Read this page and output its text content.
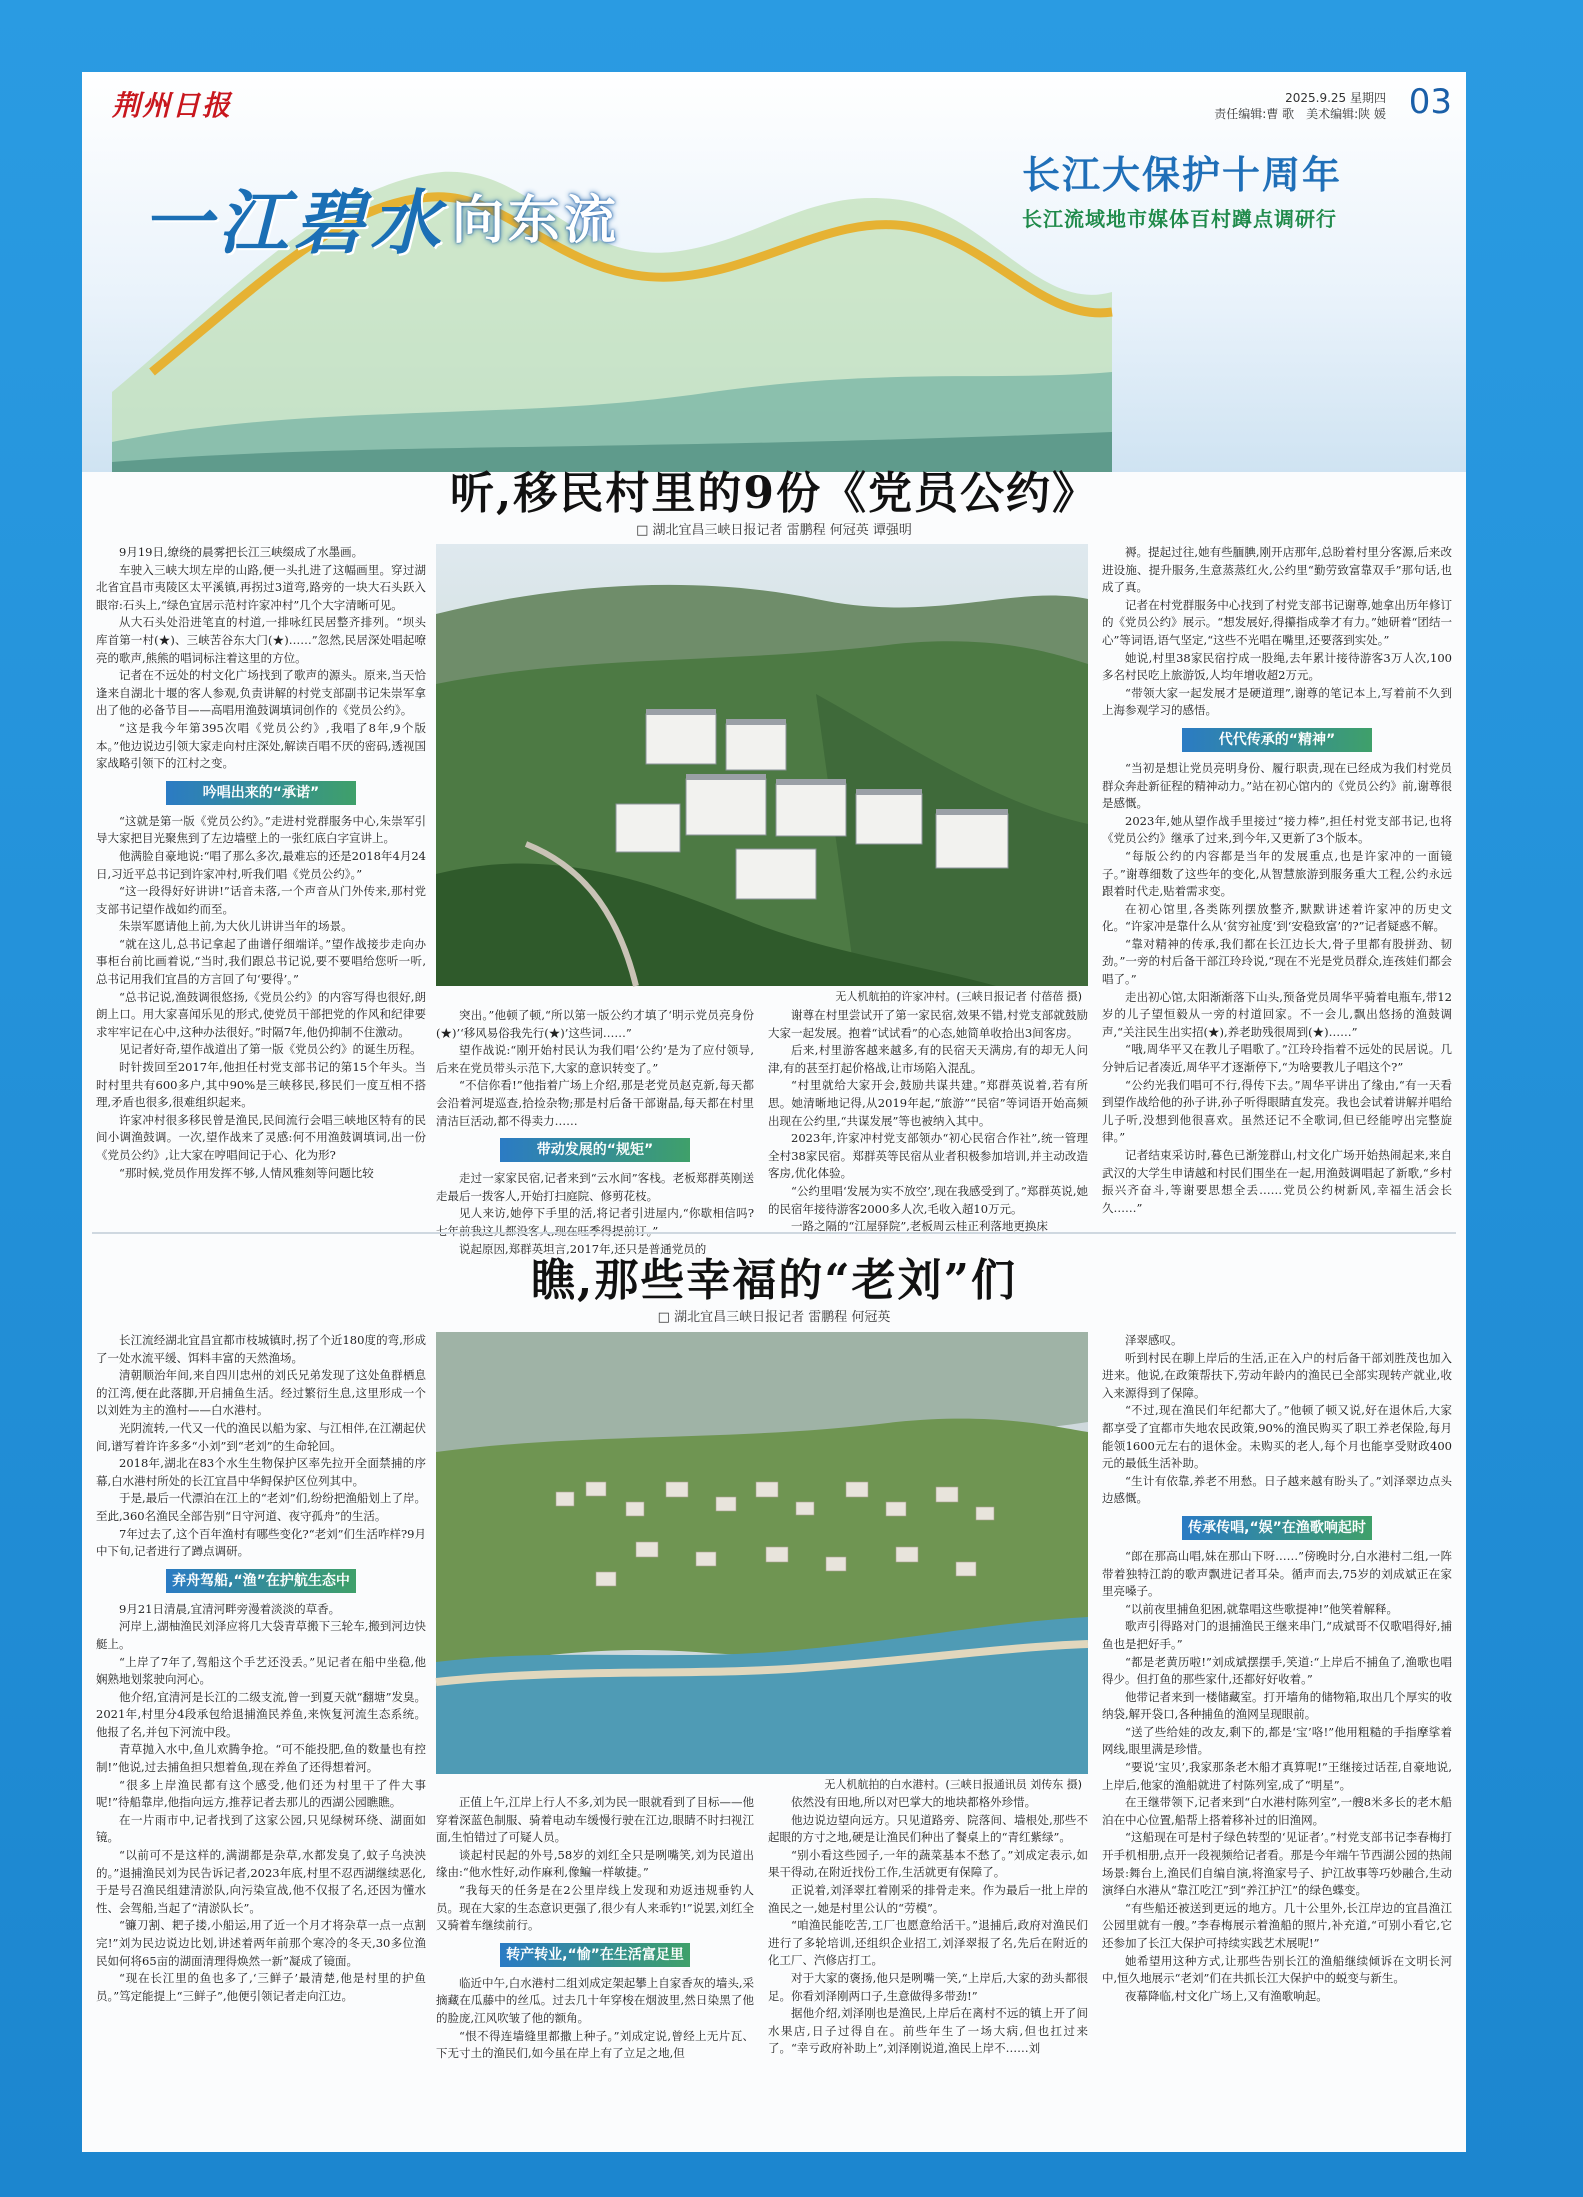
荆州日报	2025.9.25 星期四
责任编辑:曹 歌　美术编辑:陕 媛 03
一江碧水 向东流
长江大保护十周年
长江流域地市媒体百村蹲点调研行
听,移民村里的9份《党员公约》
□ 湖北宜昌三峡日报记者 雷鹏程 何冠英 谭强明

9月19日,缭绕的晨雾把长江三峡缀成了水墨画。

车驶入三峡大坝左岸的山路,便一头扎进了这幅画里。穿过湖北省宜昌市夷陵区太平溪镇,再拐过3道弯,路旁的一块大石头跃入眼帘:石头上,“绿色宜居示范村许家冲村”几个大字清晰可见。

从大石头处沿进笔直的村道,一排咏红民居整齐排列。“坝头库首第一村(★)、三峡苦谷东大门(★)……”忽然,民居深处唱起嘹亮的歌声,熊熊的唱词标注着这里的方位。

记者在不远处的村文化广场找到了歌声的源头。原来,当天恰逢来自湖北十堰的客人参观,负责讲解的村党支部副书记朱崇军拿出了他的必备节目——高唱用渔鼓调填词创作的《党员公约》。

“这是我今年第395次唱《党员公约》,我唱了8年,9个版本。”他边说边引领大家走向村庄深处,解读百唱不厌的密码,透视国家战略引领下的江村之变。

吟唱出来的“承诺”

“这就是第一版《党员公约》。”走进村党群服务中心,朱崇军引导大家把目光聚焦到了左边墙壁上的一张红底白字宣讲上。

他满脸自豪地说:“唱了那么多次,最难忘的还是2018年4月24日,习近平总书记到许家冲村,听我们唱《党员公约》。”

“这一段得好好讲讲!”话音未落,一个声音从门外传来,那村党支部书记望作战如约而至。

朱崇军愿请他上前,为大伙儿讲讲当年的场景。

“就在这儿,总书记拿起了曲谱仔细端详。”望作战接步走向办事柜台前比画着说,“当时,我们跟总书记说,要不要唱给您听一听,总书记用我们宜昌的方言回了句‘要得’。”

“总书记说,渔鼓调很悠扬,《党员公约》的内容写得也很好,朗朗上口。用大家喜闻乐见的形式,使党员干部把党的作风和纪律要求牢牢记在心中,这种办法很好。”时隔7年,他仍抑制不住激动。

见记者好奇,望作战道出了第一版《党员公约》的诞生历程。

时针拨回至2017年,他担任村党支部书记的第15个年头。当时村里共有600多户,其中90%是三峡移民,移民们一度互相不搭理,矛盾也很多,很难组织起来。

许家冲村很多移民曾是渔民,民间流行会唱三峡地区特有的民间小调渔鼓调。一次,望作战来了灵感:何不用渔鼓调填词,出一份《党员公约》,让大家在哼唱间记于心、化为形?

“那时候,党员作用发挥不够,人情风雅刻等问题比较

无人机航拍的许家冲村。(三峡日报记者 付蓓蓓 摄)

突出。”他顿了顿,“所以第一版公约才填了‘明示党员亮身份(★)’‘移风易俗我先行(★)’这些词……”

望作战说:“刚开始村民认为我们唱‘公约’是为了应付领导,后来在党员带头示范下,大家的意识转变了。”

“不信你看!”他指着广场上介绍,那是老党员赵克新,每天都会沿着河堤巡查,拾捡杂物;那是村后备干部谢晶,每天都在村里清洁巨活动,都不得卖力……

带动发展的“规矩”

走过一家家民宿,记者来到“云水间”客栈。老板郑群英刚送走最后一拨客人,开始打扫庭院、修剪花枝。

见人来访,她停下手里的活,将记者引进屋内,“你歇相信吗?七年前我这儿都没客人,现在旺季得提前订。”

说起原因,郑群英坦言,2017年,还只是普通党员的

谢尊在村里尝试开了第一家民宿,效果不错,村党支部就鼓励大家一起发展。抱着“试试看”的心态,她简单收拾出3间客房。

后来,村里游客越来越多,有的民宿天天满房,有的却无人问津,有的甚至打起价格战,让市场陷入混乱。

“村里就给大家开会,鼓励共谋共建。”郑群英说着,若有所思。她清晰地记得,从2019年起,“旅游”“民宿”等词语开始高频出现在公约里,“共谋发展”等也被纳入其中。

2023年,许家冲村党支部领办“初心民宿合作社”,统一管理全村38家民宿。郑群英等民宿从业者积极参加培训,并主动改造客房,优化体验。

“公约里唱‘发展为实不放空’,现在我感受到了。”郑群英说,她的民宿年接待游客2000多人次,毛收入超10万元。

一路之隔的“江屋驿院”,老板周云桂正利落地更换床

褥。提起过往,她有些腼腆,刚开店那年,总盼着村里分客源,后来改进设施、提升服务,生意蒸蒸红火,公约里“勤劳致富靠双手”那句话,也成了真。

记者在村党群服务中心找到了村党支部书记谢尊,她拿出历年修订的《党员公约》展示。“想发展好,得攥指成拳才有力。”她研着“团结一心”等词语,语气坚定,“这些不光唱在嘴里,还要落到实处。”

她说,村里38家民宿拧成一股绳,去年累计接待游客3万人次,100多名村民吃上旅游饭,人均年增收超2万元。

“带领大家一起发展才是硬道理”,谢尊的笔记本上,写着前不久到上海参观学习的感悟。

代代传承的“精神”

“当初是想让党员亮明身份、履行职责,现在已经成为我们村党员群众奔赴新征程的精神动力。”站在初心馆内的《党员公约》前,谢尊很是感慨。

2023年,她从望作战手里接过“接力棒”,担任村党支部书记,也将《党员公约》继承了过来,到今年,又更新了3个版本。

“每版公约的内容都是当年的发展重点,也是许家冲的一面镜子。”谢尊细数了这些年的变化,从智慧旅游到服务重大工程,公约永远跟着时代走,贴着需求变。

在初心馆里,各类陈列摆放整齐,默默讲述着许家冲的历史文化。“许家冲是靠什么从‘贫穷祉度’到‘安稳致富’的?”记者疑惑不解。

“靠对精神的传承,我们都在长江边长大,骨子里都有股拼劲、韧劲。”一旁的村后备干部江玲玲说,“现在不光是党员群众,连孩娃们都会唱了。”

走出初心馆,太阳渐渐落下山头,预备党员周华平骑着电瓶车,带12岁的儿子望恒毅从一旁的村道回家。不一会儿,飘出悠扬的渔鼓调声,“关注民生出实招(★),养老助残很周到(★)……”

“哦,周华平又在教儿子唱歌了。”江玲玲指着不远处的民居说。几分钟后记者凑近,周华平才逐渐停下,“为啥要教儿子唱这个?”

“公约光我们唱可不行,得传下去。”周华平讲出了缘由,“有一天看到望作战给他的孙子讲,孙子听得眼睛直发亮。我也会试着讲解并唱给儿子听,没想到他很喜欢。虽然还记不全歌词,但已经能哼出完整旋律。”

记者结束采访时,暮色已渐笼群山,村文化广场开始热闹起来,来自武汉的大学生申请越和村民们围坐在一起,用渔鼓调唱起了新歌,“乡村振兴齐奋斗,等谢要思想全丢……党员公约树新风,幸福生活会长久……”

瞧,那些幸福的“老刘”们
□ 湖北宜昌三峡日报记者 雷鹏程 何冠英

长江流经湖北宜昌宜都市枝城镇时,拐了个近180度的弯,形成了一处水流平缓、饵料丰富的天然渔场。

清朝顺治年间,来自四川忠州的刘氏兄弟发现了这处鱼群栖息的江湾,便在此落脚,开启捕鱼生活。经过繁衍生息,这里形成一个以刘姓为主的渔村——白水港村。

光阴流转,一代又一代的渔民以船为家、与江相伴,在江潮起伏间,谱写着许许多多“小刘”到“老刘”的生命轮回。

2018年,湖北在83个水生生物保护区率先拉开全面禁捕的序幕,白水港村所处的长江宜昌中华鲟保护区位列其中。

于是,最后一代漂泊在江上的“老刘”们,纷纷把渔船划上了岸。至此,360名渔民全部告别“日守河道、夜守孤舟”的生活。

7年过去了,这个百年渔村有哪些变化?“老刘”们生活咋样?9月中下旬,记者进行了蹲点调研。

弃舟驾船,“渔”在护航生态中

9月21日清晨,宜清河畔旁漫着淡淡的草香。

河岸上,湖柚渔民刘泽应将几大袋青草搬下三轮车,搬到河边快艇上。

“上岸了7年了,驾船这个手艺还没丢。”见记者在船中坐稳,他娴熟地划浆驶向河心。

他介绍,宜清河是长江的二级支流,曾一到夏天就“翻塘”发臭。2021年,村里分4段承包给退捕渔民养鱼,来恢复河流生态系统。他报了名,并包下河流中段。

青草抛入水中,鱼儿欢腾争抢。“可不能投肥,鱼的数量也有控制!”他说,过去捕鱼担只想着鱼,现在养鱼了还得想着河。

“很多上岸渔民都有这个感受,他们还为村里干了件大事呢!”待船靠岸,他指向远方,推荐记者去那儿的西湖公园瞧瞧。

在一片雨市中,记者找到了这家公园,只见绿树环绕、湖面如镜。

“以前可不是这样的,满湖都是杂草,水都发臭了,蚊子乌泱泱的。”退捕渔民刘为民告诉记者,2023年底,村里不忍西湖继续恶化,于是号召渔民组建清淤队,向污染宣战,他不仅报了名,还因为懂水性、会驾船,当起了“清淤队长”。

“镰刀割、耙子搂,小船运,用了近一个月才将杂草一点一点割完!”刘为民边说边比划,讲述着两年前那个寒冷的冬天,30多位渔民如何将65亩的湖面清理得焕然一新”凝成了镜面。

“现在长江里的鱼也多了,‘三鲜子’最清楚,他是村里的护鱼员。”笃定能提上“三鲜子”,他便引领记者走向江边。

无人机航拍的白水港村。(三峡日报通讯员 刘传东 摄)

正值上午,江岸上行人不多,刘为民一眼就看到了目标——他穿着深蓝色制服、骑着电动车缓慢行驶在江边,眼睛不时扫视江面,生怕错过了可疑人员。

谈起村民起的外号,58岁的刘红全只是咧嘴笑,刘为民道出缘由:“他水性好,动作麻利,像鳊一样敏捷。”

“我每天的任务是在2公里岸线上发现和劝返违规垂钓人员。现在大家的生态意识更强了,很少有人来乖钓!”说罢,刘红全又骑着车继续前行。

转产转业,“愉”在生活富足里

临近中午,白水港村二组刘成定架起攀上自家香灰的墙头,采摘藏在瓜藤中的丝瓜。过去几十年穿梭在烟波里,然日染黑了他的脸庞,江风吹皱了他的额角。

“恨不得连墙缝里都撒上种子。”刘成定说,曾经上无片瓦、下无寸土的渔民们,如今虽在岸上有了立足之地,但

依然没有田地,所以对巴掌大的地块都格外珍惜。

他边说边望向远方。只见道路旁、院落间、墙根处,那些不起眼的方寸之地,硬是让渔民们种出了餐桌上的“青红紫绿”。

“别小看这些园子,一年的蔬菜基本不愁了。”刘成定表示,如果干得动,在附近找份工作,生活就更有保障了。

正说着,刘泽翠扛着刚采的排骨走来。作为最后一批上岸的渔民之一,她是村里公认的“劳模”。

“咱渔民能吃苦,工厂也愿意给活干。”退捕后,政府对渔民们进行了多轮培训,还组织企业招工,刘泽翠报了名,先后在附近的化工厂、汽修店打工。

对于大家的褒扬,他只是咧嘴一笑,“上岸后,大家的劲头都很足。你看刘泽刚两口子,生意做得多带劲!”

据他介绍,刘泽刚也是渔民,上岸后在离村不远的镇上开了间水果店,日子过得自在。前些年生了一场大病,但也扛过来了。“幸亏政府补助上”,刘泽刚说道,渔民上岸不……刘

泽翠感叹。

听到村民在聊上岸后的生活,正在入户的村后备干部刘胜茂也加入进来。他说,在政策帮扶下,劳动年龄内的渔民已全部实现转产就业,收入来源得到了保障。

“不过,现在渔民们年纪都大了。”他顿了顿又说,好在退休后,大家都享受了宜都市失地农民政策,90%的渔民购买了职工养老保险,每月能领1600元左右的退休金。未购买的老人,每个月也能享受财政400元的最低生活补助。

“生计有依靠,养老不用愁。日子越来越有盼头了。”刘泽翠边点头边感慨。

传承传唱,“娱”在渔歌响起时

“郎在那高山唱,妹在那山下呀……”傍晚时分,白水港村二组,一阵带着独特江韵的歌声飘进记者耳朵。循声而去,75岁的刘成斌正在家里亮嗓子。

“以前夜里捕鱼犯困,就靠唱这些歌提神!”他笑着解释。

歌声引得路对门的退捕渔民王继来串门,“成斌哥不仅歌唱得好,捕鱼也是把好手。”

“都是老黄历啦!”刘成斌摆摆手,笑道:“上岸后不捕鱼了,渔歌也唱得少。但打鱼的那些家什,还都好好收着。”

他带记者来到一楼储藏室。打开墙角的储物箱,取出几个厚实的收纳袋,解开袋口,各种捕鱼的渔网呈现眼前。

“送了些给娃的改友,剩下的,都是‘宝’咯!”他用粗糙的手指摩挲着网线,眼里满是珍惜。

“要说‘宝贝’,我家那条老木船才真算呢!”王继接过话茬,自豪地说,上岸后,他家的渔船就进了村陈列室,成了“明星”。

在王继带领下,记者来到“白水港村陈列室”,一艘8米多长的老木船泊在中心位置,船帮上搭着移补过的旧渔网。

“这船现在可是村子绿色转型的‘见证者’。”村党支部书记李春梅打开手机相册,点开一段视频给记者看。那是今年端午节西湖公园的热闹场景:舞台上,渔民们自编自演,将渔家号子、护江故事等巧妙融合,生动演绎白水港从“靠江吃江”到“养江护江”的绿色蝶变。

“有些船还被送到更远的地方。几十公里外,长江岸边的宜昌渔江公园里就有一艘。”李春梅展示着渔船的照片,补充道,“可别小看它,它还参加了长江大保护可持续实践艺术展呢!”

她希望用这种方式,让那些告别长江的渔船继续倾诉在文明长河中,恒久地展示“老刘”们在共抓长江大保护中的蜕变与新生。

夜幕降临,村文化广场上,又有渔歌响起。
